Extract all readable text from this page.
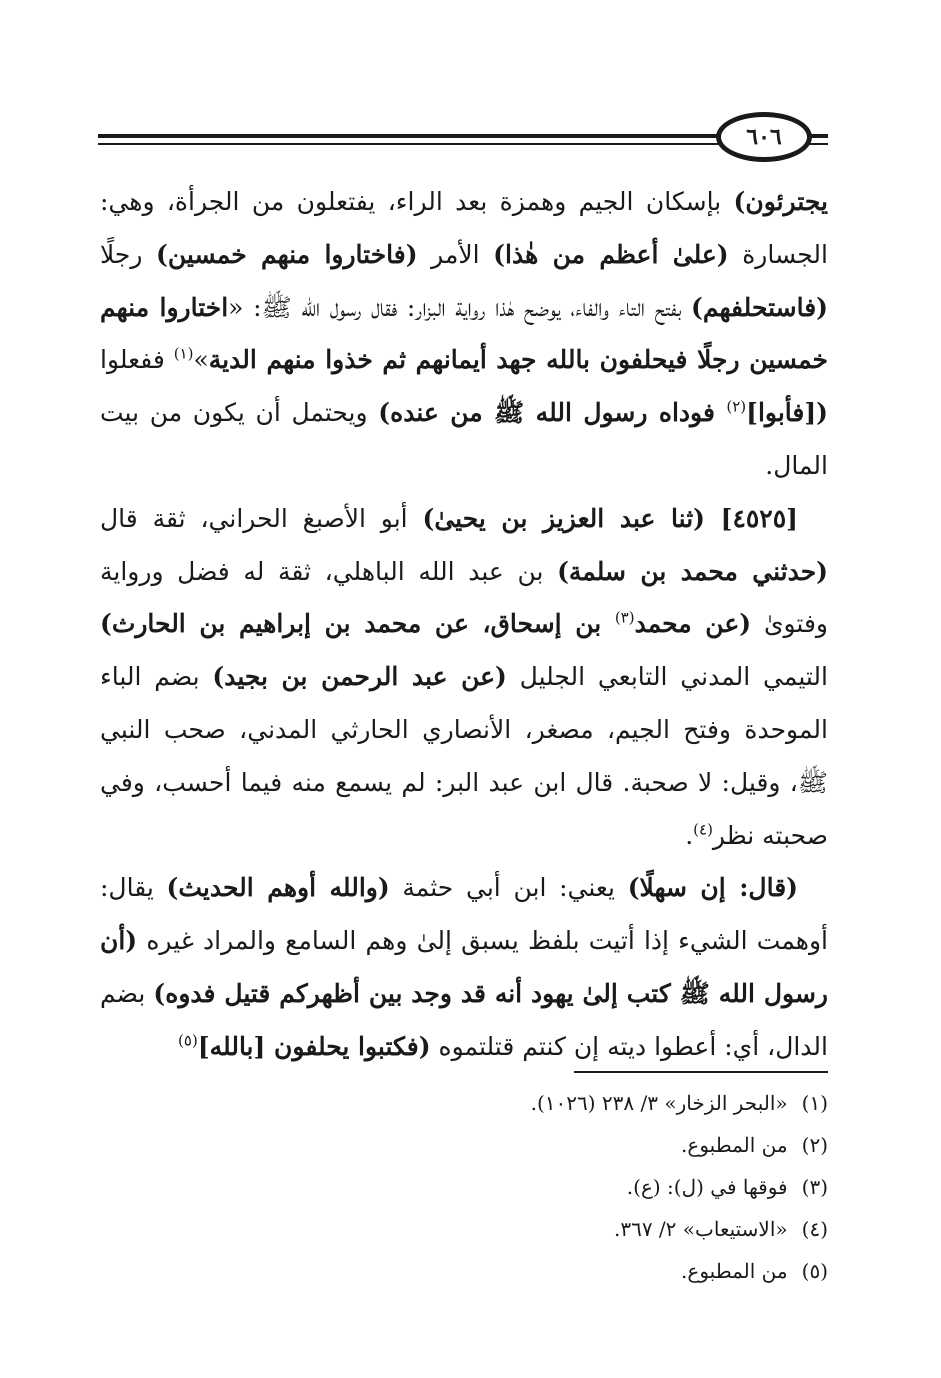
٦٠٦

يجترئون) بإسكان الجيم وهمزة بعد الراء، يفتعلون من الجرأة، وهي: الجسارة (علىٰ أعظم من هٰذا) الأمر (فاختاروا منهم خمسين) رجلًا (فاستحلفهم) بفتح التاء والفاء، يوضح هٰذا رواية البزار: فقال رسول الله ﷺ: «اختاروا منهم خمسين رجلًا فيحلفون بالله جهد أيمانهم ثم خذوا منهم الدية»$^{(١)}$ ففعلوا ([فأبوا]$^{(٢)}$ فوداه رسول الله ﷺ من عنده) ويحتمل أن يكون من بيت المال.

[٤٥٢٥] (ثنا عبد العزيز بن يحيىٰ) أبو الأصبغ الحراني، ثقة قال (حدثني محمد بن سلمة) بن عبد الله الباهلي، ثقة له فضل ورواية وفتوىٰ (عن محمد$^{(٣)}$ بن إسحاق، عن محمد بن إبراهيم بن الحارث) التيمي المدني التابعي الجليل (عن عبد الرحمن بن بجيد) بضم الباء الموحدة وفتح الجيم، مصغر، الأنصاري الحارثي المدني، صحب النبي ﷺ، وقيل: لا صحبة. قال ابن عبد البر: لم يسمع منه فيما أحسب، وفي صحبته نظر$^{(٤)}$.

(قال: إن سهلًا) يعني: ابن أبي حثمة (والله أوهم الحديث) يقال: أوهمت الشيء إذا أتيت بلفظ يسبق إلىٰ وهم السامع والمراد غيره (أن رسول الله ﷺ كتب إلىٰ يهود أنه قد وجد بين أظهركم قتيل فدوه) بضم الدال، أي: أعطوا ديته إن كنتم قتلتموه (فكتبوا يحلفون [بالله]$^{(٥)}$

(١)
«البحر الزخار» ٣/ ٢٣٨ (١٠٢٦).
(٢)
من المطبوع.
(٣)
فوقها في (ل): (ع).
(٤)
«الاستيعاب» ٢/ ٣٦٧.
(٥)
من المطبوع.
